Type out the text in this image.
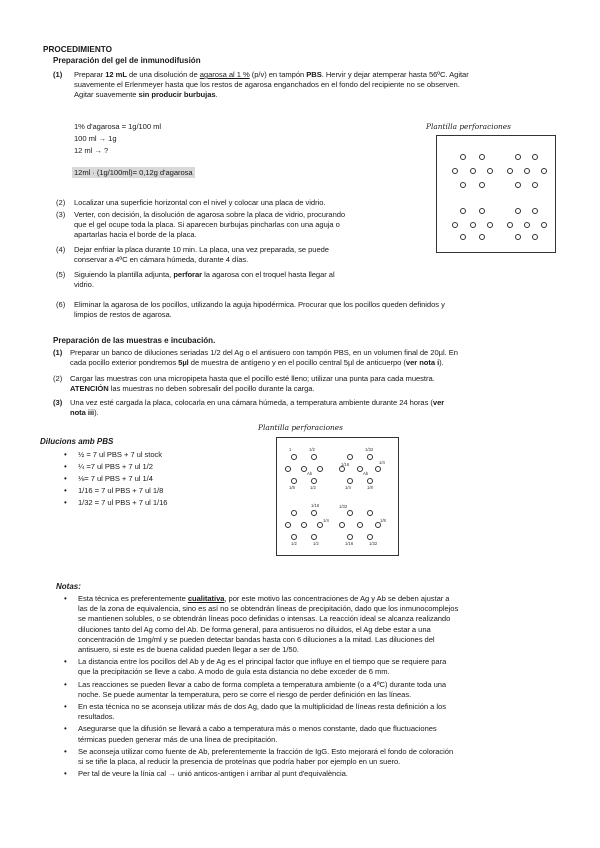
PROCEDIMIENTO
Preparación del gel de inmunodifusión
(1) Preparar 12 mL de una disolución de agarosa al 1 % (p/v) en tampón PBS. Hervir y dejar atemperar hasta 56ºC. Agitar
suavemente el Erlenmeyer hasta que los restos de agarosa enganchados en el fondo del recipiente no se observen.
Agitar suavemente sin producir burbujas.
1% d'agarosa = 1g/100 ml
100 ml → 1g
12 ml → ?
12ml · (1g/100ml)= 0,12g d'agarosa
Plantilla perforaciones
(2) Localizar una superficie horizontal con el nivel y colocar una placa de vidrio.
(3) Verter, con decisión, la disolución de agarosa sobre la placa de vidrio, procurando
que el gel ocupe toda la placa. Si aparecen burbujas pincharlas con una aguja o
apartarlas hacia el borde de la placa.
(4) Dejar enfriar la placa durante 10 min. La placa, una vez preparada, se puede
conservar a 4ºC en cámara húmeda, durante 4 días.
(5) Siguiendo la plantilla adjunta, perforar la agarosa con el troquel hasta llegar al
vidrio.
(6) Eliminar la agarosa de los pocillos, utilizando la aguja hipodérmica. Procurar que los pocillos queden definidos y
limpios de restos de agarosa.
Preparación de las muestras e incubación.
(1) Preparar un banco de diluciones seriadas 1/2 del Ag o el antisuero con tampón PBS, en un volumen final de 20µl. En
cada pocillo exterior pondremos 5µl de muestra de antígeno y en el pocillo central 5µl de anticuerpo (ver nota i).
(2) Cargar las muestras con una micropipeta hasta que el pocillo esté lleno; utilizar una punta para cada muestra.
ATENCIÓN las muestras no deben sobresalir del pocillo durante la carga.
(3) Una vez esté cargada la placa, colocarla en una cámara húmeda, a temperatura ambiente durante 24 horas (ver
nota iii).
Plantilla perforaciones
Dilucions amb PBS
• ½ = 7 ul PBS + 7 ul stock
• ¼ =7 ul PBS + 7 ul 1/2
• ⅛= 7 ul PBS + 7 ul 1/4
• 1/16 = 7 ul PBS + 7 ul 1/8
• 1/32 = 7 ul PBS + 7 ul 1/16
1	1/2	1/32
1/16
Ab	Ab
1/4
1/8	1/2	1/4	1/8
1/16	1/32
1/2	1/2
1/4	1/8
1/16	1/32
Notas:
• Esta técnica es preferentemente cualitativa, por este motivo las concentraciones de Ag y Ab se deben ajustar a
las de la zona de equivalencia, sino es así no se obtendrán líneas de precipitación, dado que los inmunocomplejos
se mantienen solubles, o se obtendrán líneas poco definidas o intensas. La reacción ideal se alcanza realizando
diluciones tanto del Ag como del Ab. De forma general, para antisueros no diluidos, el Ag debe estar a una
concentración de 1mg/ml y se pueden detectar bandas hasta con 6 diluciones a la mitad. Las diluciones del
antisuero, si este es de buena calidad pueden llegar a ser de 1/50.
• La distancia entre los pocillos del Ab y de Ag es el principal factor que influye en el tiempo que se requiere para
que la precipitación se lleve a cabo. A modo de guía esta distancia no debe exceder de 6 mm.
• Las reacciones se pueden llevar a cabo de forma completa a temperatura ambiente (o a 4ºC) durante toda una
noche. Se puede aumentar la temperatura, pero se corre el riesgo de perder definición en las líneas.
• En esta técnica no se aconseja utilizar más de dos Ag, dado que la multiplicidad de líneas resta definición a los
resultados.
• Asegurarse que la difusión se llevará a cabo a temperatura más o menos constante, dado que fluctuaciones
térmicas pueden generar más de una línea de precipitación.
• Se aconseja utilizar como fuente de Ab, preferentemente la fracción de IgG. Esto mejorará el fondo de coloración
si se tiñe la placa, al reducir la presencia de proteínas que podría haber por ejemplo en un suero.
• Per tal de veure la línia cal → unió anticos-antigen i arribar al punt d'equivalència.
